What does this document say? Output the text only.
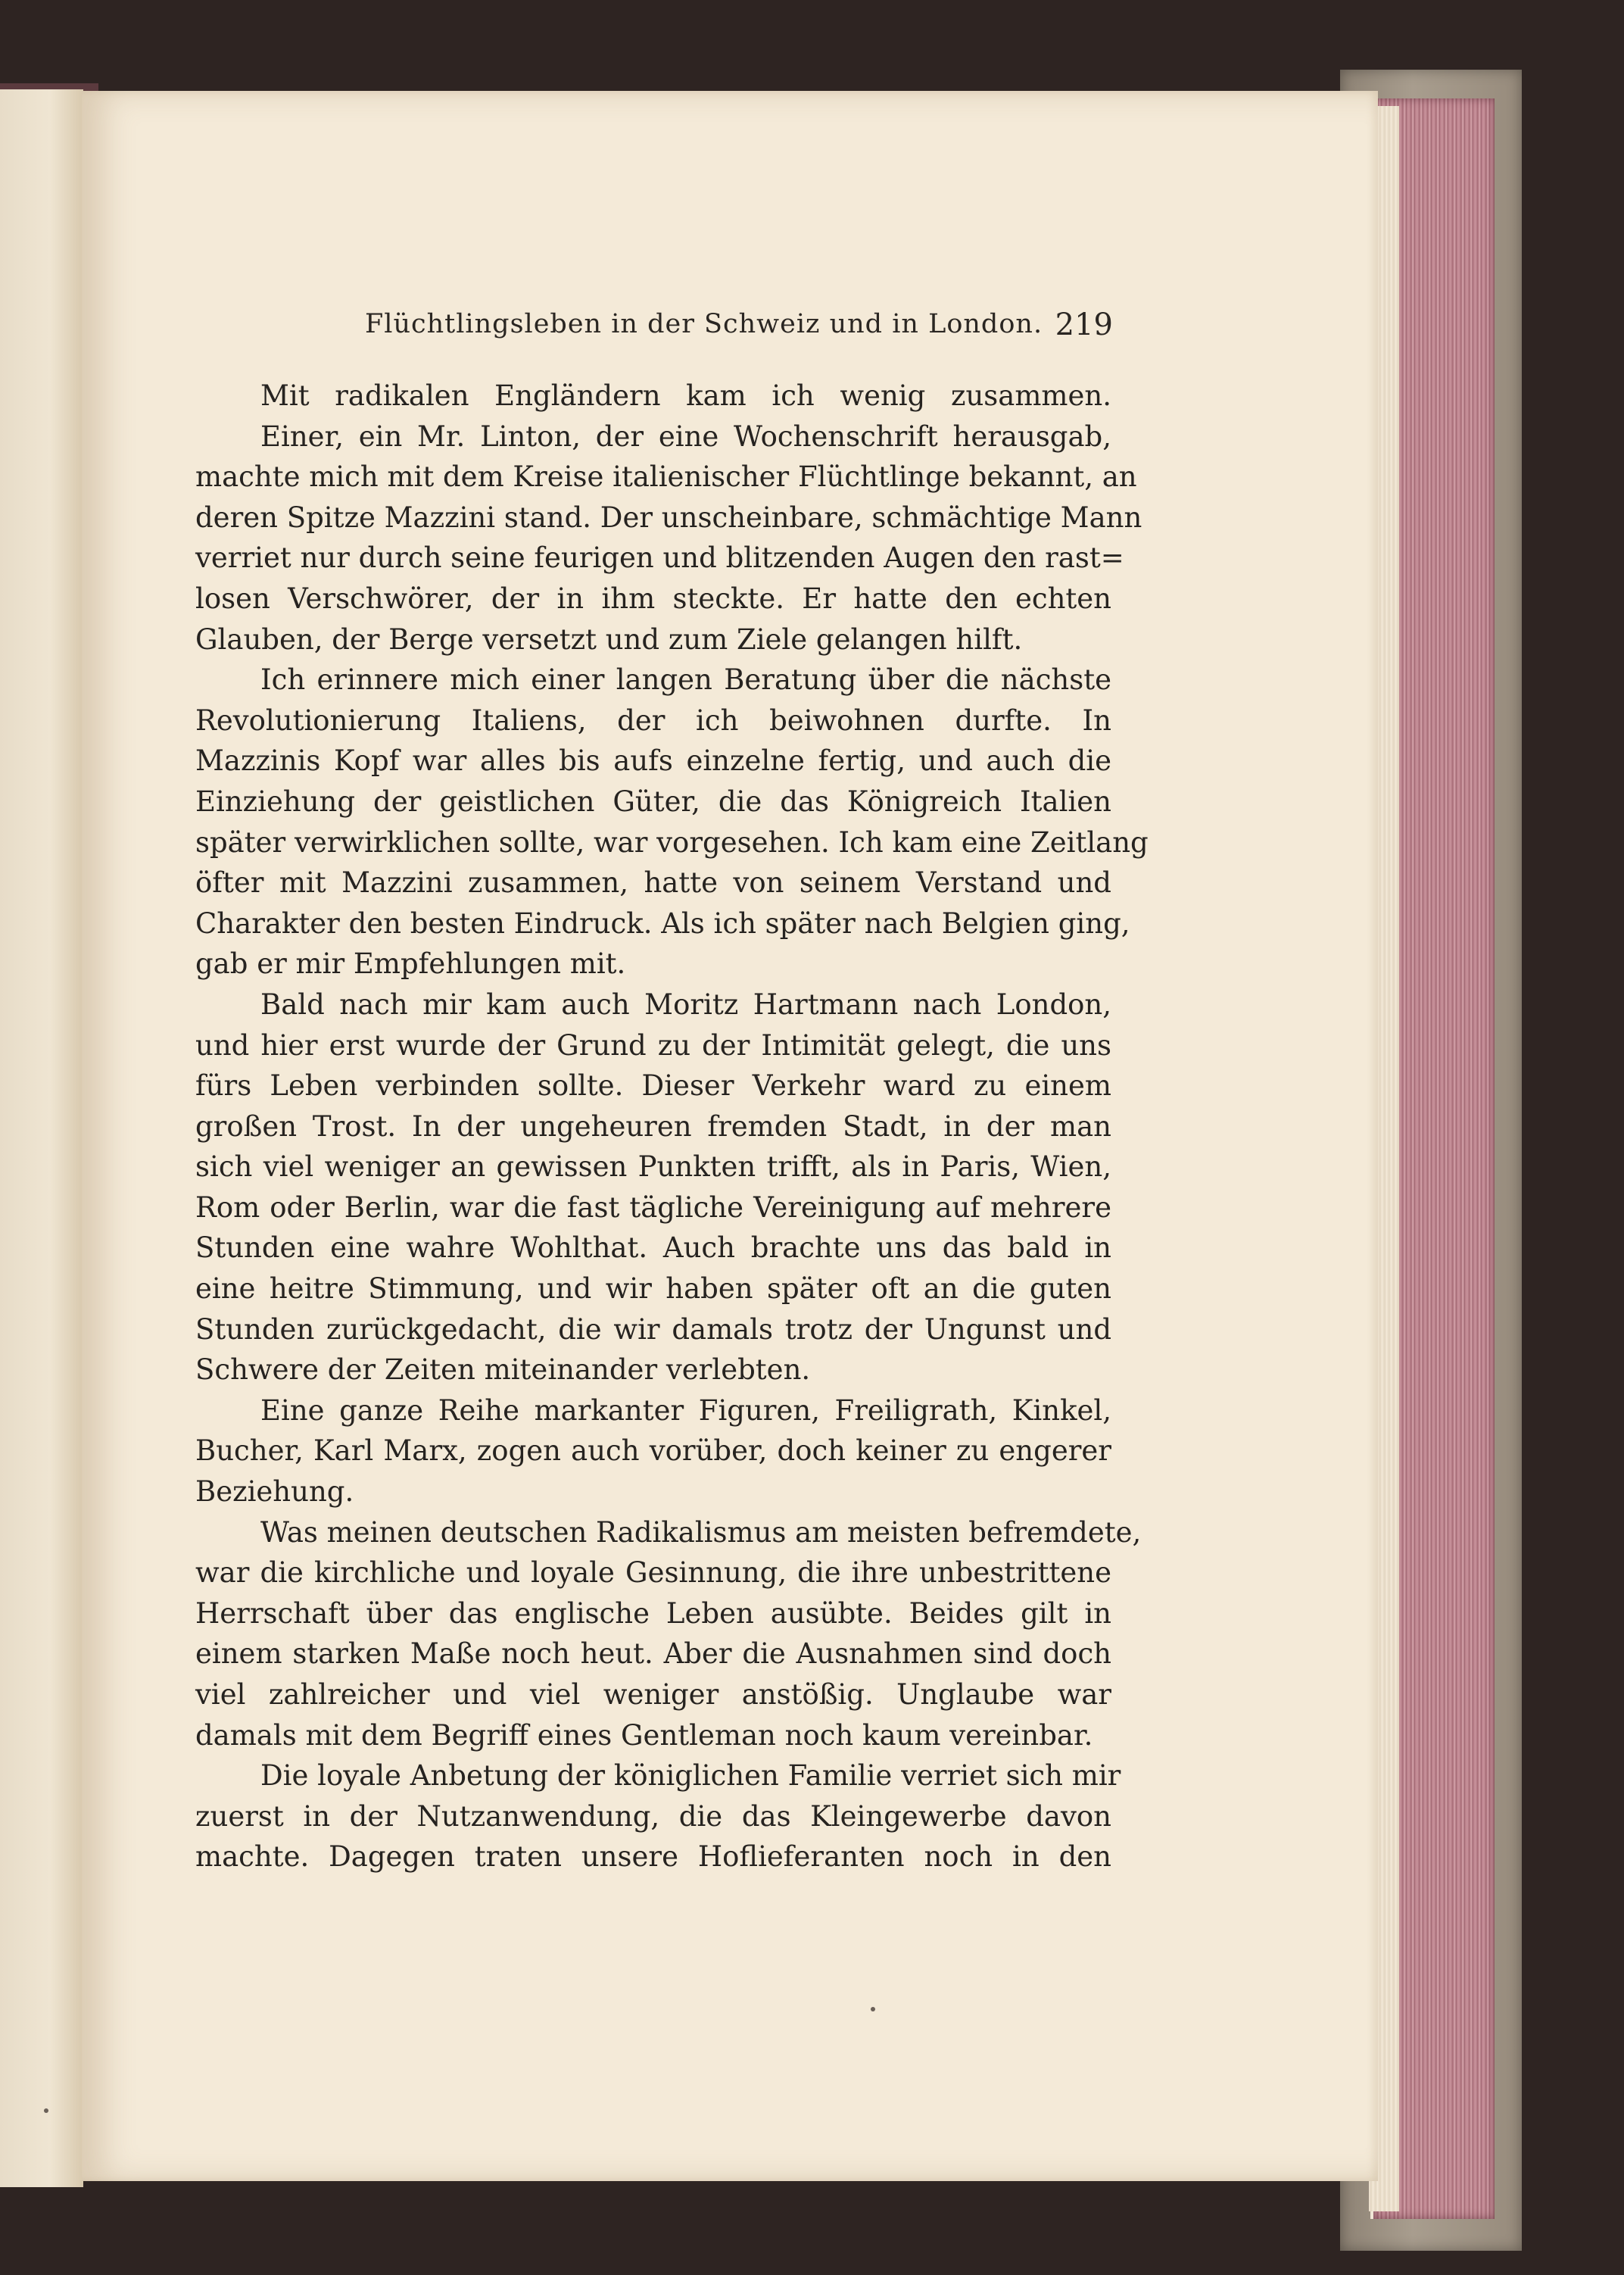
Flüchtlingsleben in der Schweiz und in London. 219
Mit radikalen Engländern kam ich wenig zusammen.
Einer, ein Mr. Linton, der eine Wochenschrift herausgab,
machte mich mit dem Kreise italienischer Flüchtlinge bekannt, an
deren Spitze Mazzini stand. Der unscheinbare, schmächtige Mann
verriet nur durch seine feurigen und blitzenden Augen den rast=
losen Verschwörer, der in ihm steckte. Er hatte den echten
Glauben, der Berge versetzt und zum Ziele gelangen hilft.
Ich erinnere mich einer langen Beratung über die nächste
Revolutionierung Italiens, der ich beiwohnen durfte. In
Mazzinis Kopf war alles bis aufs einzelne fertig, und auch die
Einziehung der geistlichen Güter, die das Königreich Italien
später verwirklichen sollte, war vorgesehen. Ich kam eine Zeitlang
öfter mit Mazzini zusammen, hatte von seinem Verstand und
Charakter den besten Eindruck. Als ich später nach Belgien ging,
gab er mir Empfehlungen mit.
Bald nach mir kam auch Moritz Hartmann nach London,
und hier erst wurde der Grund zu der Intimität gelegt, die uns
fürs Leben verbinden sollte. Dieser Verkehr ward zu einem
großen Trost. In der ungeheuren fremden Stadt, in der man
sich viel weniger an gewissen Punkten trifft, als in Paris, Wien,
Rom oder Berlin, war die fast tägliche Vereinigung auf mehrere
Stunden eine wahre Wohlthat. Auch brachte uns das bald in
eine heitre Stimmung, und wir haben später oft an die guten
Stunden zurückgedacht, die wir damals trotz der Ungunst und
Schwere der Zeiten miteinander verlebten.
Eine ganze Reihe markanter Figuren, Freiligrath, Kinkel,
Bucher, Karl Marx, zogen auch vorüber, doch keiner zu engerer
Beziehung.
Was meinen deutschen Radikalismus am meisten befremdete,
war die kirchliche und loyale Gesinnung, die ihre unbestrittene
Herrschaft über das englische Leben ausübte. Beides gilt in
einem starken Maße noch heut. Aber die Ausnahmen sind doch
viel zahlreicher und viel weniger anstößig. Unglaube war
damals mit dem Begriff eines Gentleman noch kaum vereinbar.
Die loyale Anbetung der königlichen Familie verriet sich mir
zuerst in der Nutzanwendung, die das Kleingewerbe davon
machte. Dagegen traten unsere Hoflieferanten noch in den
